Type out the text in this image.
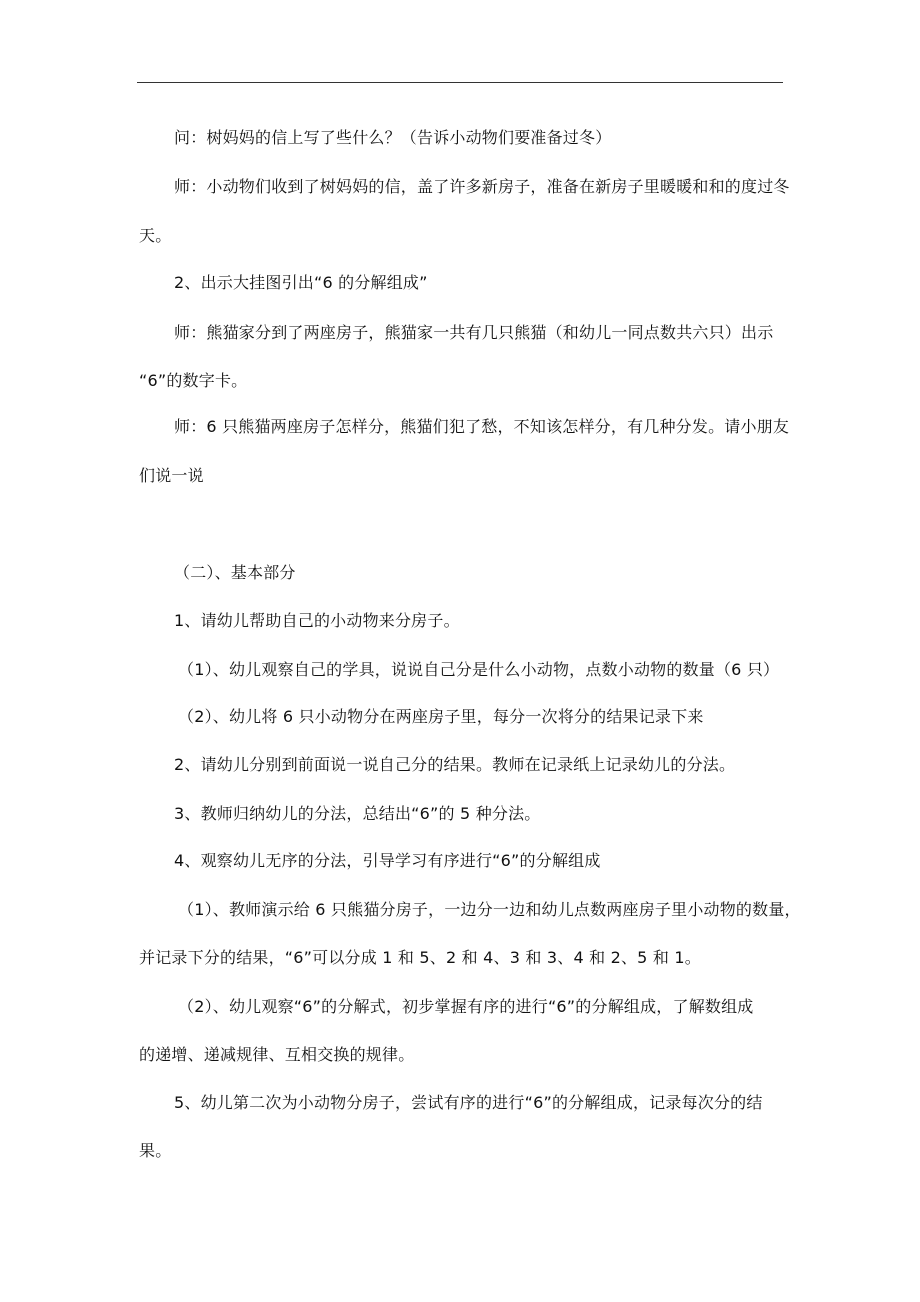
问：树妈妈的信上写了些什么？（告诉小动物们要准备过冬）
师：小动物们收到了树妈妈的信，盖了许多新房子，准备在新房子里暖暖和和的度过冬
天。
2、出示大挂图引出“6 的分解组成”
师：熊猫家分到了两座房子，熊猫家一共有几只熊猫（和幼儿一同点数共六只）出示
“6”的数字卡。
师：6 只熊猫两座房子怎样分，熊猫们犯了愁，不知该怎样分，有几种分发。请小朋友
们说一说
（二）、基本部分
1、请幼儿帮助自己的小动物来分房子。
（1）、幼儿观察自己的学具，说说自己分是什么小动物，点数小动物的数量（6 只）
（2）、幼儿将 6 只小动物分在两座房子里，每分一次将分的结果记录下来
2、请幼儿分别到前面说一说自己分的结果。教师在记录纸上记录幼儿的分法。
3、教师归纳幼儿的分法，总结出“6”的 5 种分法。
4、观察幼儿无序的分法，引导学习有序进行“6”的分解组成
（1）、教师演示给 6 只熊猫分房子，一边分一边和幼儿点数两座房子里小动物的数量，
并记录下分的结果，“6”可以分成 1 和 5、2 和 4、3 和 3、4 和 2、5 和 1。
（2）、幼儿观察“6”的分解式，初步掌握有序的进行“6”的分解组成，了解数组成
的递增、递减规律、互相交换的规律。
5、幼儿第二次为小动物分房子，尝试有序的进行“6”的分解组成，记录每次分的结
果。
